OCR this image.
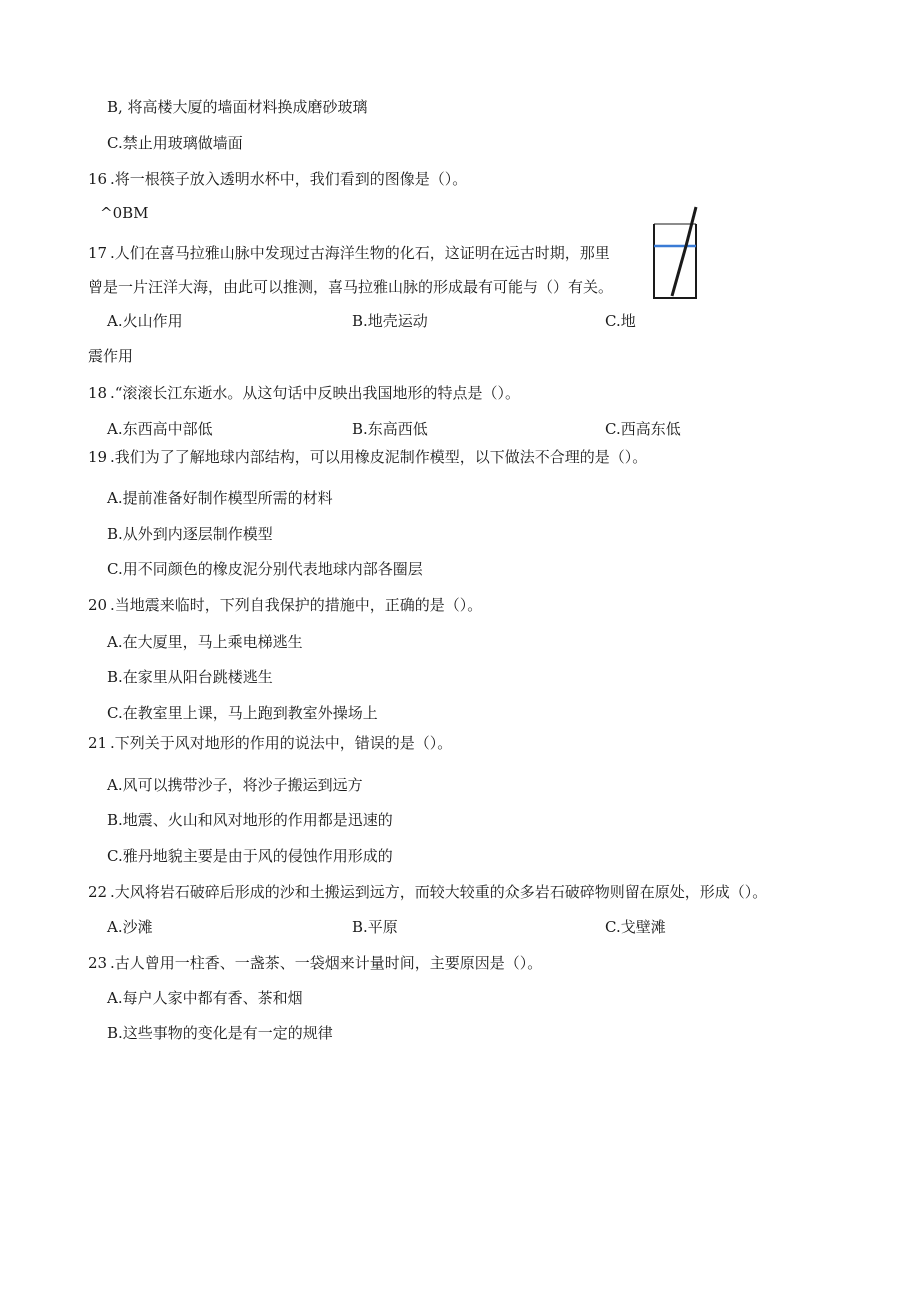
B, 将高楼大厦的墙面材料换成磨砂玻璃
C.禁止用玻璃做墙面
16 .将一根筷子放入透明水杯中，我们看到的图像是（）。
^0BM
17 .人们在喜马拉雅山脉中发现过古海洋生物的化石，这证明在远古时期，那里
曾是一片汪洋大海，由此可以推测，喜马拉雅山脉的形成最有可能与（）有关。
A.火山作用	B.地壳运动	C.地
震作用
18 .“滚滚长江东逝水。从这句话中反映出我国地形的特点是（）。
A.东西高中部低	B.东高西低	C.西高东低
19 .我们为了了解地球内部结构，可以用橡皮泥制作模型，以下做法不合理的是（）。
A.提前准备好制作模型所需的材料
B.从外到内逐层制作模型
C.用不同颜色的橡皮泥分别代表地球内部各圈层
20 .当地震来临时，下列自我保护的措施中，正确的是（）。
A.在大厦里，马上乘电梯逃生
B.在家里从阳台跳楼逃生
C.在教室里上课，马上跑到教室外操场上
21 .下列关于风对地形的作用的说法中，错误的是（）。
A.风可以携带沙子，将沙子搬运到远方
B.地震、火山和风对地形的作用都是迅速的
C.雅丹地貌主要是由于风的侵蚀作用形成的
22 .大风将岩石破碎后形成的沙和土搬运到远方，而较大较重的众多岩石破碎物则留在原处，形成（）。
A.沙滩	B.平原	C.戈壁滩
23 .古人曾用一柱香、一盏茶、一袋烟来计量时间，主要原因是（）。
A.每户人家中都有香、茶和烟
B.这些事物的变化是有一定的规律
